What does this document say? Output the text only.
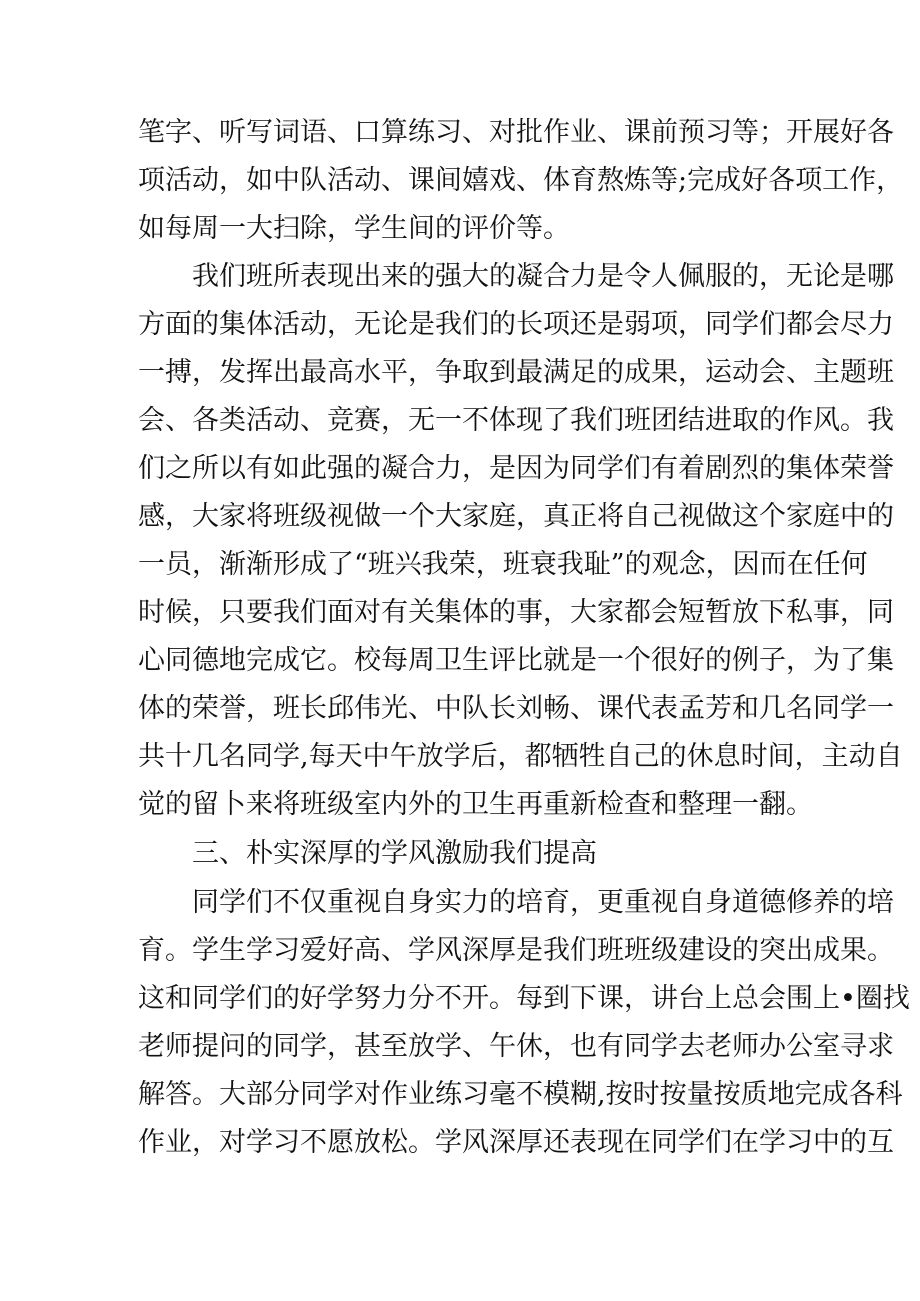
笔字、听写词语、口算练习、对批作业、课前预习等；开展好各
项活动，如中队活动、课间嬉戏、体育熬炼等;完成好各项工作，
如每周一大扫除，学生间的评价等。
我们班所表现出来的强大的凝合力是令人佩服的，无论是哪
方面的集体活动，无论是我们的长项还是弱项，同学们都会尽力
一搏，发挥出最高水平，争取到最满足的成果，运动会、主题班
会、各类活动、竞赛，无一不体现了我们班团结进取的作风。我
们之所以有如此强的凝合力，是因为同学们有着剧烈的集体荣誉
感，大家将班级视做一个大家庭，真正将自己视做这个家庭中的
一员，渐渐形成了“班兴我荣，班衰我耻”的观念，因而在任何
时候，只要我们面对有关集体的事，大家都会短暂放下私事，同
心同德地完成它。校每周卫生评比就是一个很好的例子，为了集
体的荣誉，班长邱伟光、中队长刘畅、课代表孟芳和几名同学一
共十几名同学,每天中午放学后，都牺牲自己的休息时间，主动自
觉的留卜来将班级室内外的卫生再重新检查和整理一翻。
三、朴实深厚的学风激励我们提高
同学们不仅重视自身实力的培育，更重视自身道德修养的培
育。学生学习爱好高、学风深厚是我们班班级建设的突出成果。
这和同学们的好学努力分不开。每到下课，讲台上总会围上•圈找
老师提问的同学，甚至放学、午休，也有同学去老师办公室寻求
解答。大部分同学对作业练习毫不模糊,按时按量按质地完成各科
作业，对学习不愿放松。学风深厚还表现在同学们在学习中的互
